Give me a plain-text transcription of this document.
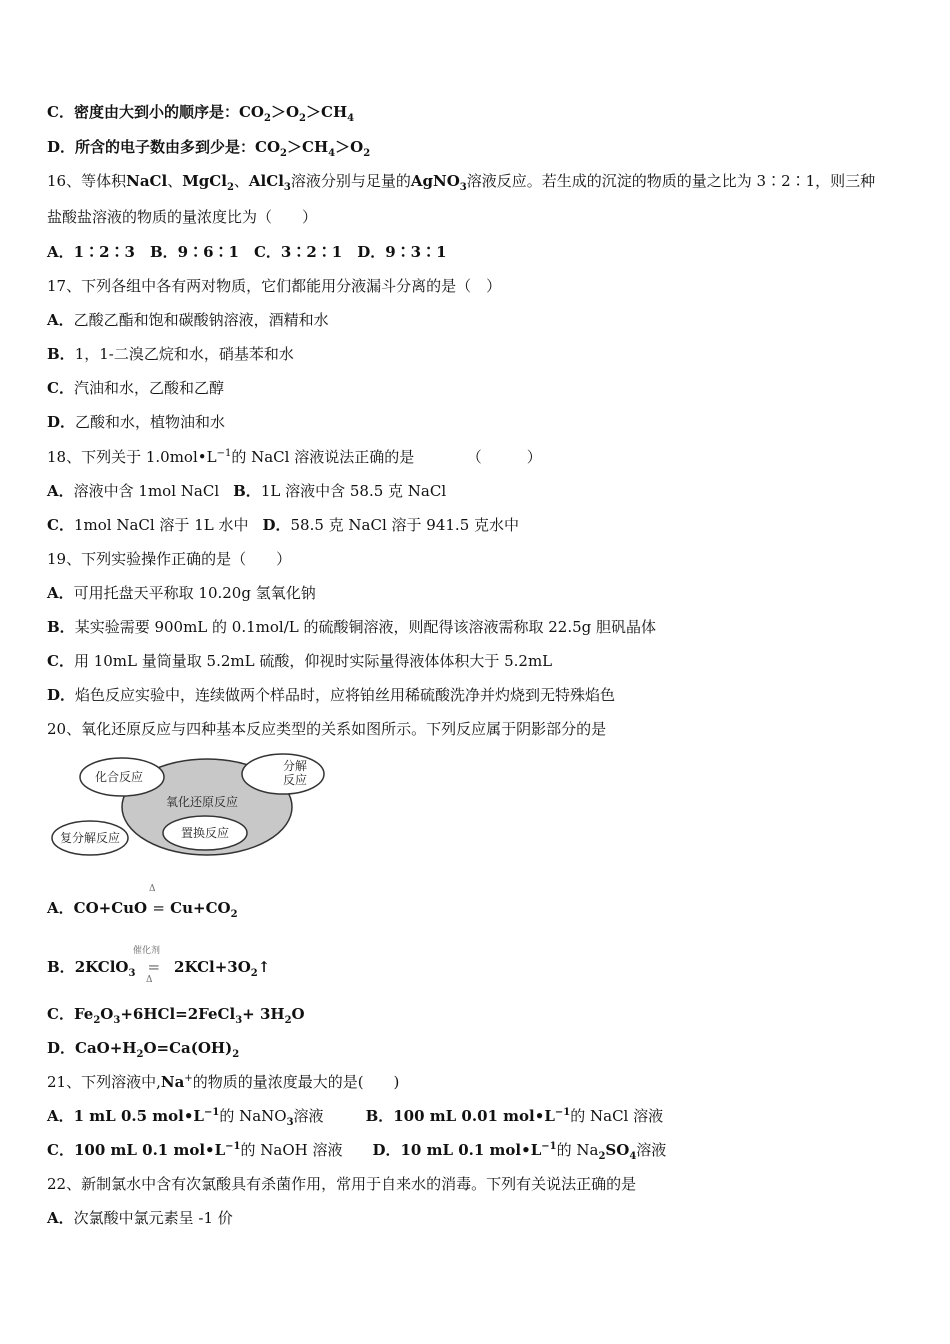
C．密度由大到小的顺序是：$CO_2>O_2>CH_4$
D．所含的电子数由多到少是：$CO_2>CH_4>O_2$
16、等体积NaCl、MgCl$_2$、AlCl$_3$溶液分别与足量的AgNO$_3$溶液反应。若生成的沉淀的物质的量之比为 3∶2∶1，则三种
盐酸盐溶液的物质的量浓度比为（　　）
A．1∶2∶3　B．9∶6∶1　C．3∶2∶1　D．9∶3∶1
17、下列各组中各有两对物质，它们都能用分液漏斗分离的是（　）
A．乙酸乙酯和饱和碳酸钠溶液，酒精和水
B．1，1-二溴乙烷和水，硝基苯和水
C．汽油和水，乙酸和乙醇
D．乙酸和水，植物油和水
18、下列关于 $1.0mol•L^{-1}$的 NaCl 溶液说法正确的是　　　　（　　　）
A．溶液中含 1mol NaCl B．1L 溶液中含 58.5 克 NaCl
C．1mol NaCl 溶于 1L 水中 D．58.5 克 NaCl 溶于 941.5 克水中
19、下列实验操作正确的是（　　）
A．可用托盘天平称取 10.20g 氢氧化钠
B．某实验需要 900mL 的 0.1mol/L 的硫酸铜溶液，则配得该溶液需称取 22.5g 胆矾晶体
C．用 10mL 量筒量取 5.2mL 硫酸，仰视时实际量得液体体积大于 5.2mL
D．焰色反应实验中，连续做两个样品时，应将铂丝用稀硫酸洗净并灼烧到无特殊焰色
20、氧化还原反应与四种基本反应类型的关系如图所示。下列反应属于阴影部分的是
化合反应
分解
反应
氧化还原反应
复分解反应	置换反应
A．$CO+CuO = Cu+CO_2$
Δ
B．2KClO$_3$ = $2KCl+3O_2↑$
催化剂
Δ
C．$Fe_2O_3+6HCl=2FeCl_3+ 3H_2O$
D．$CaO+H_2O=Ca(OH)_2$
21、下列溶液中,Na+的物质的量浓度最大的是(　　)
A．1 mL 0.5 $mol•L^{-1}$的 NaNO$_3$溶液	B．100 mL 0.01 $mol•L^{-1}$的 NaCl 溶液
C．100 mL 0.1 $mol•L^{-1}$的 NaOH 溶液 D．10 mL 0.1 $mol•L^{-1}$的 $Na_2SO_4$溶液
22、新制氯水中含有次氯酸具有杀菌作用，常用于自来水的消毒。下列有关说法正确的是
A．次氯酸中氯元素呈 -1 价
